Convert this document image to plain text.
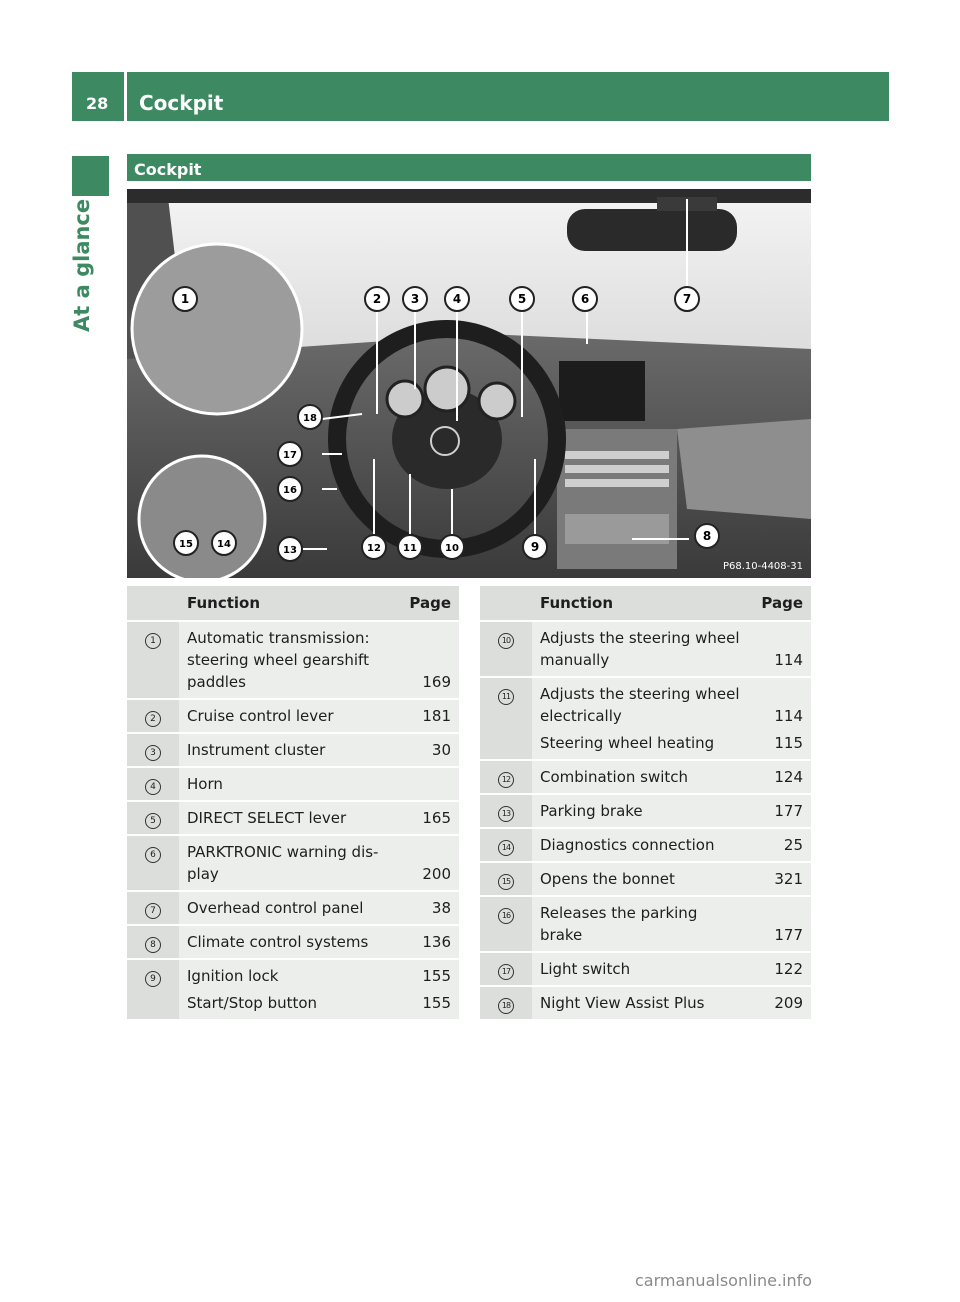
28 Cockpit
At a glance
Cockpit
1	2 3	4	5	6	7
8
9
10
11
12
13
14
15
16
17
18
P68.10-4408-31
	Function	Page
1	Automatic transmission:
steering wheel gearshift
paddles	169
2	Cruise control lever	181
3	Instrument cluster	30
4	Horn	

5	DIRECT SELECT lever	165
6	PARKTRONIC warning dis-
play	200
7	Overhead control panel	38
8	Climate control systems	136
9	Ignition lock	155
	Start/Stop button	155
	Function	Page
10	Adjusts the steering wheel
manually	114
11	Adjusts the steering wheel
electrically	114
	Steering wheel heating	115
12	Combination switch	124
13	Parking brake	177
14	Diagnostics connection	25
15	Opens the bonnet	321
16	Releases the parking brake	177
17	Light switch	122
18	Night View Assist Plus	209
carmanualsonline.info
